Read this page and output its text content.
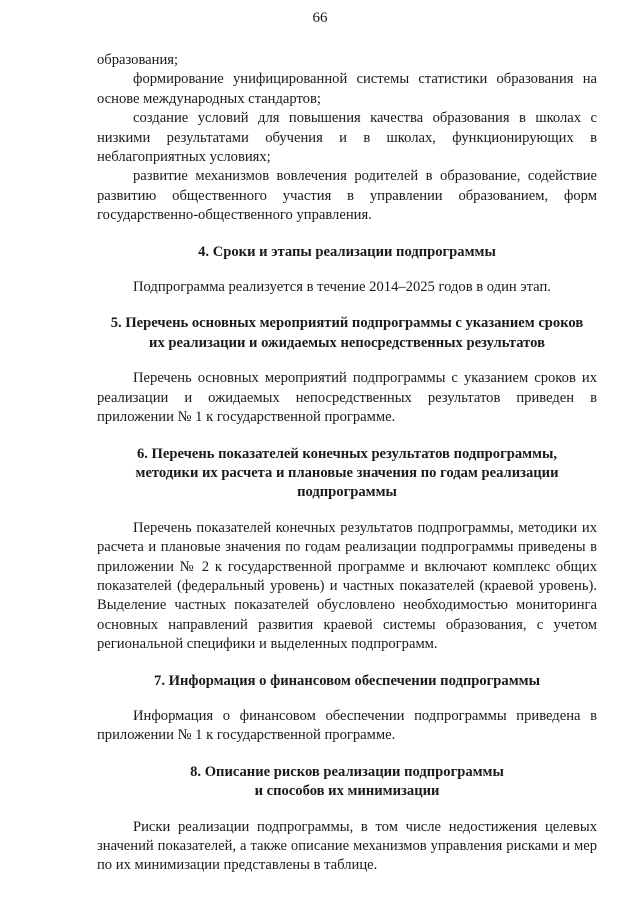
66

образования;

формирование унифицированной системы статистики образования на основе международных стандартов;

создание условий для повышения качества образования в школах с низкими результатами обучения и в школах, функционирующих в неблагоприятных условиях;

развитие механизмов вовлечения родителей в образование, содействие развитию общественного участия в управлении образованием, форм государственно-общественного управления.

4. Сроки и этапы реализации подпрограммы

Подпрограмма реализуется в течение 2014–2025 годов в один этап.

5. Перечень основных мероприятий подпрограммы с указанием сроков
их реализации и ожидаемых непосредственных результатов

Перечень основных мероприятий подпрограммы с указанием сроков их реализации и ожидаемых непосредственных результатов приведен в приложении № 1 к государственной программе.

6. Перечень показателей конечных результатов подпрограммы,
методики их расчета и плановые значения по годам реализации
подпрограммы

Перечень показателей конечных результатов подпрограммы, методики их расчета и плановые значения по годам реализации подпрограммы приведены в приложении № 2 к государственной программе и включают комплекс общих показателей (федеральный уровень) и частных показателей (краевой уровень). Выделение частных показателей обусловлено необходимостью мониторинга основных направлений развития краевой системы образования, с учетом региональной специфики и выделенных подпрограмм.

7. Информация о финансовом обеспечении подпрограммы

Информация о финансовом обеспечении подпрограммы приведена в приложении № 1 к государственной программе.

8. Описание рисков реализации подпрограммы
и способов их минимизации

Риски реализации подпрограммы, в том числе недостижения целевых значений показателей, а также описание механизмов управления рисками и мер по их минимизации представлены в таблице.
